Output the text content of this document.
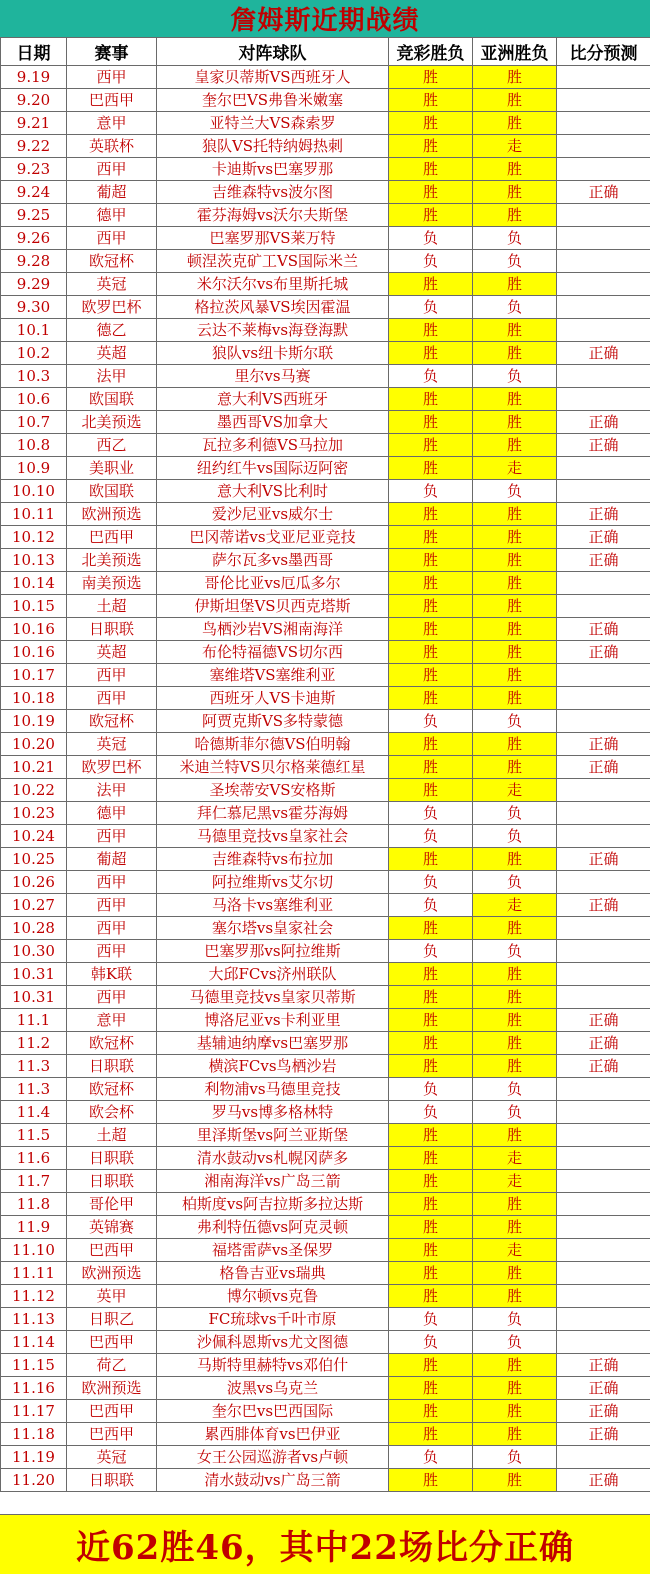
詹姆斯近期战绩
日期	赛事	对阵球队	竞彩胜负	亚洲胜负	比分预测
9.19	西甲	皇家贝蒂斯VS西班牙人	胜	胜	
9.20	巴西甲	奎尔巴VS弗鲁米嫩塞	胜	胜	
9.21	意甲	亚特兰大VS森索罗	胜	胜	
9.22	英联杯	狼队VS托特纳姆热刺	胜	走	
9.23	西甲	卡迪斯vs巴塞罗那	胜	胜	
9.24	葡超	吉维森特vs波尔图	胜	胜	正确
9.25	德甲	霍芬海姆vs沃尔夫斯堡	胜	胜	
9.26	西甲	巴塞罗那VS莱万特	负	负	
9.28	欧冠杯	顿涅茨克矿工VS国际米兰	负	负	
9.29	英冠	米尔沃尔vs布里斯托城	胜	胜	
9.30	欧罗巴杯	格拉茨风暴VS埃因霍温	负	负	
10.1	德乙	云达不莱梅vs海登海默	胜	胜	
10.2	英超	狼队vs纽卡斯尔联	胜	胜	正确
10.3	法甲	里尔vs马赛	负	负	
10.6	欧国联	意大利VS西班牙	胜	胜	
10.7	北美预选	墨西哥VS加拿大	胜	胜	正确
10.8	西乙	瓦拉多利德VS马拉加	胜	胜	正确
10.9	美职业	纽约红牛vs国际迈阿密	胜	走	
10.10	欧国联	意大利VS比利时	负	负	
10.11	欧洲预选	爱沙尼亚vs威尔士	胜	胜	正确
10.12	巴西甲	巴冈蒂诺vs戈亚尼亚竞技	胜	胜	正确
10.13	北美预选	萨尔瓦多vs墨西哥	胜	胜	正确
10.14	南美预选	哥伦比亚vs厄瓜多尔	胜	胜	
10.15	土超	伊斯坦堡VS贝西克塔斯	胜	胜	
10.16	日职联	鸟栖沙岩VS湘南海洋	胜	胜	正确
10.16	英超	布伦特福德VS切尔西	胜	胜	正确
10.17	西甲	塞维塔VS塞维利亚	胜	胜	
10.18	西甲	西班牙人VS卡迪斯	胜	胜	
10.19	欧冠杯	阿贾克斯VS多特蒙德	负	负	
10.20	英冠	哈德斯菲尔德VS伯明翰	胜	胜	正确
10.21	欧罗巴杯	米迪兰特VS贝尔格莱德红星	胜	胜	正确
10.22	法甲	圣埃蒂安VS安格斯	胜	走	
10.23	德甲	拜仁慕尼黑vs霍芬海姆	负	负	
10.24	西甲	马德里竞技vs皇家社会	负	负	
10.25	葡超	吉维森特vs布拉加	胜	胜	正确
10.26	西甲	阿拉维斯vs艾尔切	负	负	
10.27	西甲	马洛卡vs塞维利亚	负	走	正确
10.28	西甲	塞尔塔vs皇家社会	胜	胜	
10.30	西甲	巴塞罗那vs阿拉维斯	负	负	
10.31	韩K联	大邱FCvs济州联队	胜	胜	
10.31	西甲	马德里竞技vs皇家贝蒂斯	胜	胜	
11.1	意甲	博洛尼亚vs卡利亚里	胜	胜	正确
11.2	欧冠杯	基辅迪纳摩vs巴塞罗那	胜	胜	正确
11.3	日职联	横滨FCvs鸟栖沙岩	胜	胜	正确
11.3	欧冠杯	利物浦vs马德里竞技	负	负	
11.4	欧会杯	罗马vs博多格林特	负	负	
11.5	土超	里泽斯堡vs阿兰亚斯堡	胜	胜	
11.6	日职联	清水鼓动vs札幌冈萨多	胜	走	
11.7	日职联	湘南海洋vs广岛三箭	胜	走	
11.8	哥伦甲	柏斯度vs阿吉拉斯多拉达斯	胜	胜	
11.9	英锦赛	弗利特伍德vs阿克灵顿	胜	胜	
11.10	巴西甲	福塔雷萨vs圣保罗	胜	走	
11.11	欧洲预选	格鲁吉亚vs瑞典	胜	胜	
11.12	英甲	博尔顿vs克鲁	胜	胜	
11.13	日职乙	FC琉球vs千叶市原	负	负	
11.14	巴西甲	沙佩科恩斯vs尤文图德	负	负	
11.15	荷乙	马斯特里赫特vs邓伯什	胜	胜	正确
11.16	欧洲预选	波黑vs乌克兰	胜	胜	正确
11.17	巴西甲	奎尔巴vs巴西国际	胜	胜	正确
11.18	巴西甲	累西腓体育vs巴伊亚	胜	胜	正确
11.19	英冠	女王公园巡游者vs卢顿	负	负	
11.20	日职联	清水鼓动vs广岛三箭	胜	胜	正确
近62胜46，其中22场比分正确
